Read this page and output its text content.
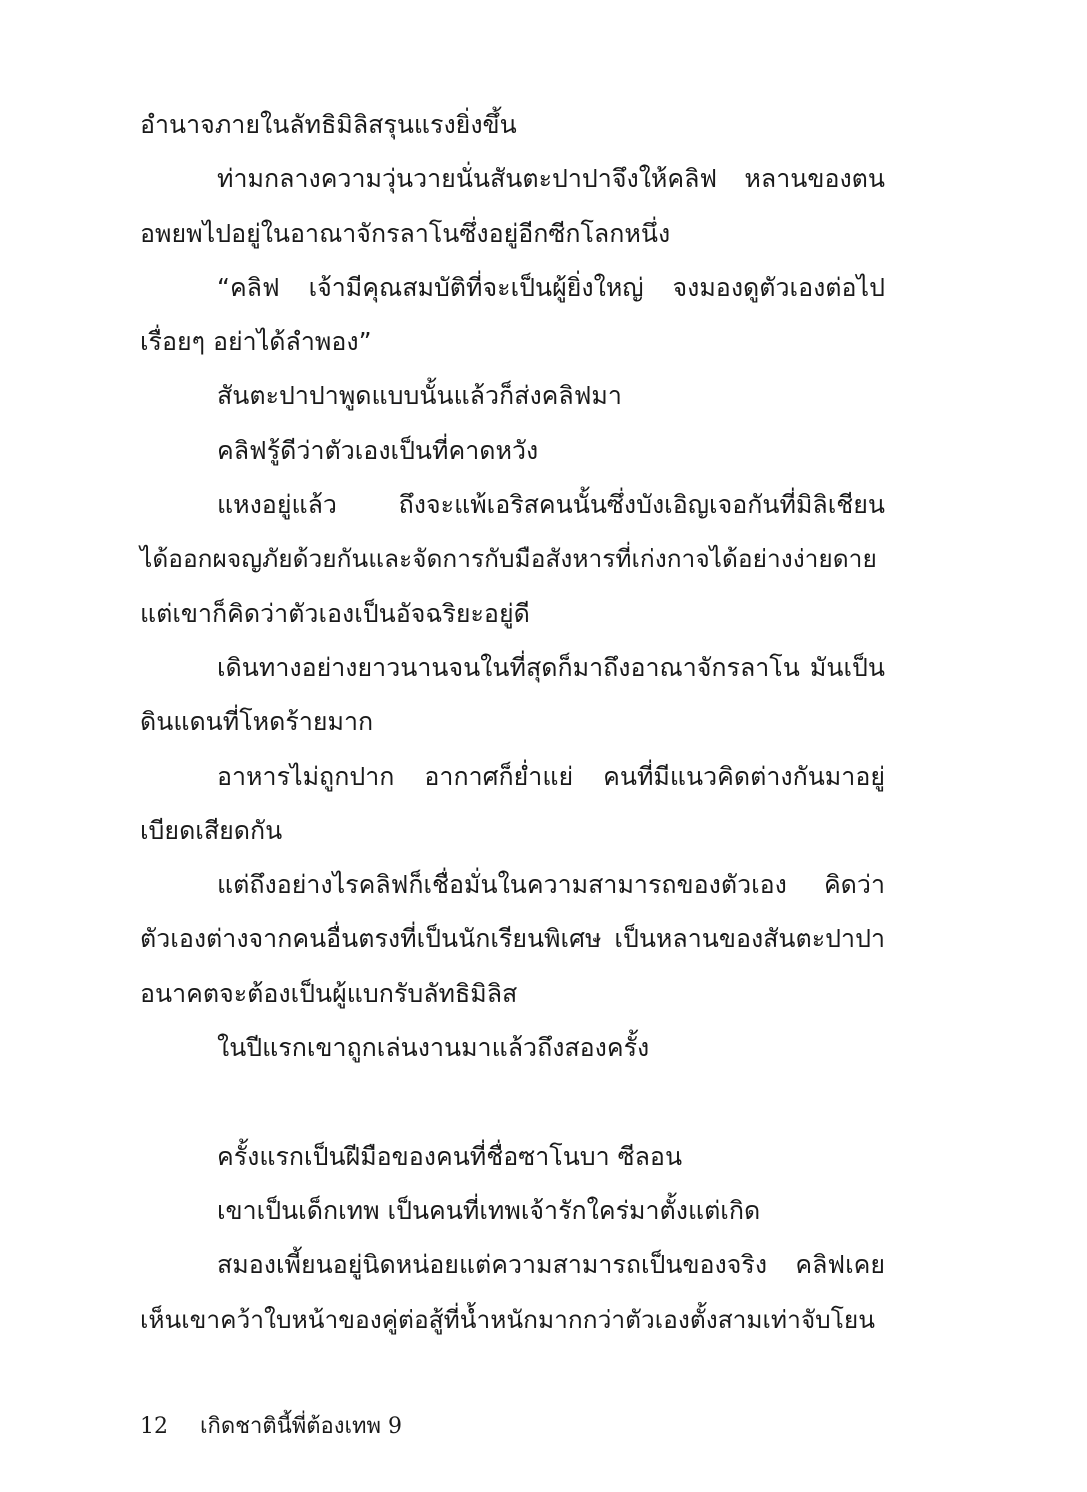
อำนาจภายในลัทธิมิลิสรุนแรงยิ่งขึ้น
ท่ามกลางความวุ่นวายนั่นสันตะปาปาจึงให้คลิฟ หลานของตน
อพยพไปอยู่ในอาณาจักรลาโนซึ่งอยู่อีกซีกโลกหนึ่ง
“คลิฟ เจ้ามีคุณสมบัติที่จะเป็นผู้ยิ่งใหญ่ จงมองดูตัวเองต่อไป
เรื่อยๆ อย่าได้ลำพอง”
สันตะปาปาพูดแบบนั้นแล้วก็ส่งคลิฟมา
คลิฟรู้ดีว่าตัวเองเป็นที่คาดหวัง
แหงอยู่แล้ว ถึงจะแพ้เอริสคนนั้นซึ่งบังเอิญเจอกันที่มิลิเชียน
ได้ออกผจญภัยด้วยกันและจัดการกับมือสังหารที่เก่งกาจได้อย่างง่ายดาย
แต่เขาก็คิดว่าตัวเองเป็นอัจฉริยะอยู่ดี
เดินทางอย่างยาวนานจนในที่สุดก็มาถึงอาณาจักรลาโน มันเป็น
ดินแดนที่โหดร้ายมาก
อาหารไม่ถูกปาก อากาศก็ย่ำแย่ คนที่มีแนวคิดต่างกันมาอยู่
เบียดเสียดกัน
แต่ถึงอย่างไรคลิฟก็เชื่อมั่นในความสามารถของตัวเอง คิดว่า
ตัวเองต่างจากคนอื่นตรงที่เป็นนักเรียนพิเศษ เป็นหลานของสันตะปาปา
อนาคตจะต้องเป็นผู้แบกรับลัทธิมิลิส
ในปีแรกเขาถูกเล่นงานมาแล้วถึงสองครั้ง
ครั้งแรกเป็นฝีมือของคนที่ชื่อซาโนบา ซีลอน
เขาเป็นเด็กเทพ เป็นคนที่เทพเจ้ารักใคร่มาตั้งแต่เกิด
สมองเพี้ยนอยู่นิดหน่อยแต่ความสามารถเป็นของจริง คลิฟเคย
เห็นเขาคว้าใบหน้าของคู่ต่อสู้ที่น้ำหนักมากกว่าตัวเองตั้งสามเท่าจับโยน
12 เกิดชาตินี้พี่ต้องเทพ 9
